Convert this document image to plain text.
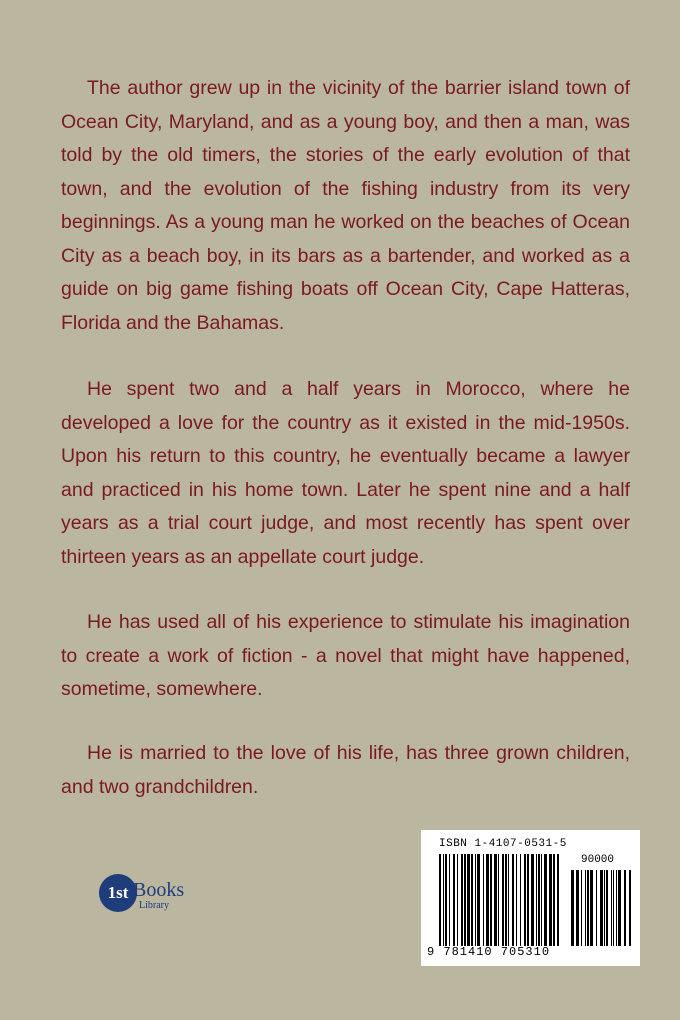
The author grew up in the vicinity of the barrier island town of Ocean City, Maryland, and as a young boy, and then a man, was told by the old timers, the stories of the early evolution of that town, and the evolution of the fishing industry from its very beginnings. As a young man he worked on the beaches of Ocean City as a beach boy, in its bars as a bartender, and worked as a guide on big game fishing boats off Ocean City, Cape Hatteras, Florida and the Bahamas.

He spent two and a half years in Morocco, where he developed a love for the country as it existed in the mid-1950s. Upon his return to this country, he eventually became a lawyer and practiced in his home town. Later he spent nine and a half years as a trial court judge, and most recently has spent over thirteen years as an appellate court judge.

He has used all of his experience to stimulate his imagination to create a work of fiction - a novel that might have happened, sometime, somewhere.

He is married to the love of his life, has three grown children, and two grandchildren.

1st Books
Library
ISBN 1-4107-0531-5
90000
9 781410 705310
